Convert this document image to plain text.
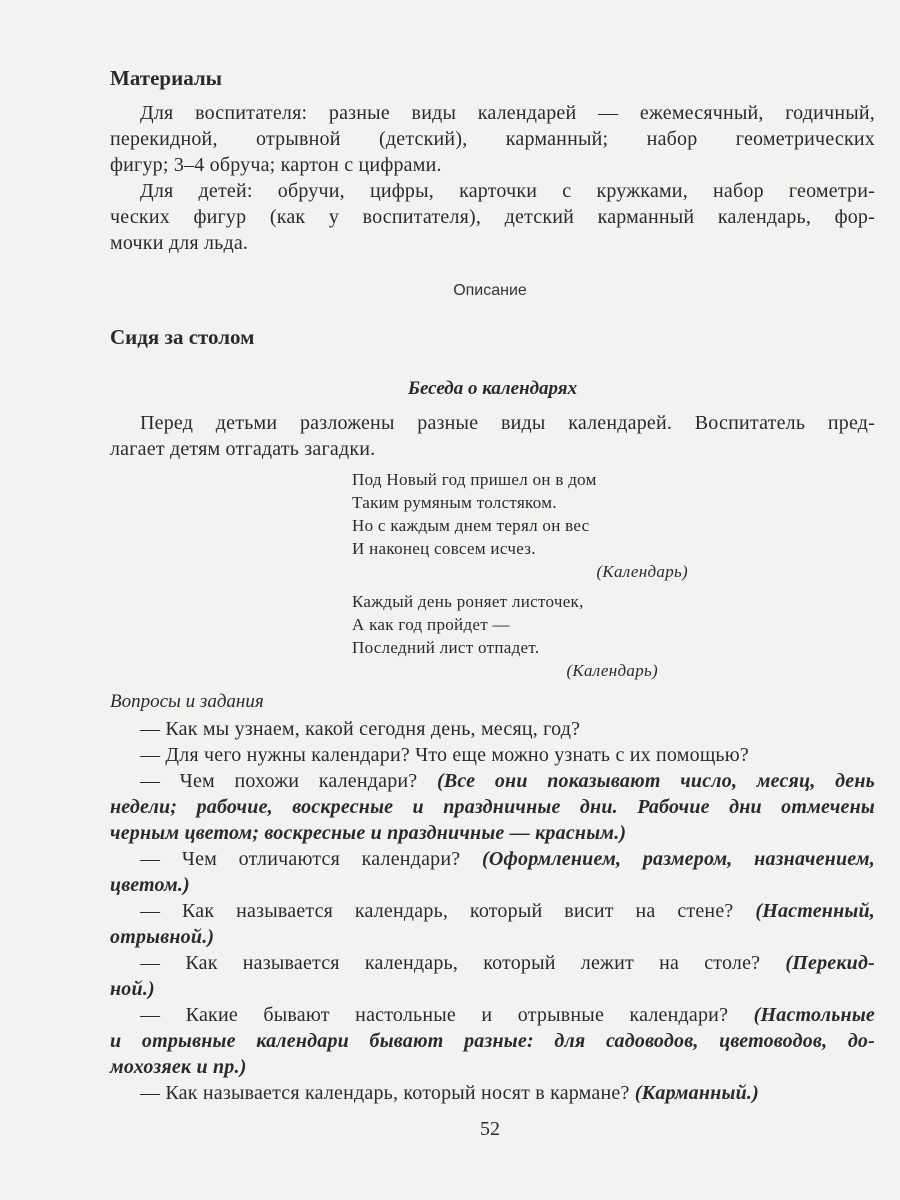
Материалы
Для воспитателя: разные виды календарей — ежемесячный, годичный,
перекидной, отрывной (детский), карманный; набор геометрических
фигур; 3–4 обруча; картон с цифрами.
Для детей: обручи, цифры, карточки с кружками, набор геометри-
ческих фигур (как у воспитателя), детский карманный календарь, фор-
мочки для льда.
Описание
Сидя за столом
Беседа о календарях
Перед детьми разложены разные виды календарей. Воспитатель пред-
лагает детям отгадать загадки.
Под Новый год пришел он в дом
Таким румяным толстяком.
Но с каждым днем терял он вес
И наконец совсем исчез.
(Календарь)
Каждый день роняет листочек,
А как год пройдет —
Последний лист отпадет.
(Календарь)
Вопросы и задания
— Как мы узнаем, какой сегодня день, месяц, год?
— Для чего нужны календари? Что еще можно узнать с их помощью?
— Чем похожи календари? (Все они показывают число, месяц, день
недели; рабочие, воскресные и праздничные дни. Рабочие дни отмечены
черным цветом; воскресные и праздничные — красным.)
— Чем отличаются календари? (Оформлением, размером, назначением,
цветом.)
— Как называется календарь, который висит на стене? (Настенный,
отрывной.)
— Как называется календарь, который лежит на столе? (Перекид-
ной.)
— Какие бывают настольные и отрывные календари? (Настольные
и отрывные календари бывают разные: для садоводов, цветоводов, до-
мохозяек и пр.)
— Как называется календарь, который носят в кармане? (Карманный.)
52
